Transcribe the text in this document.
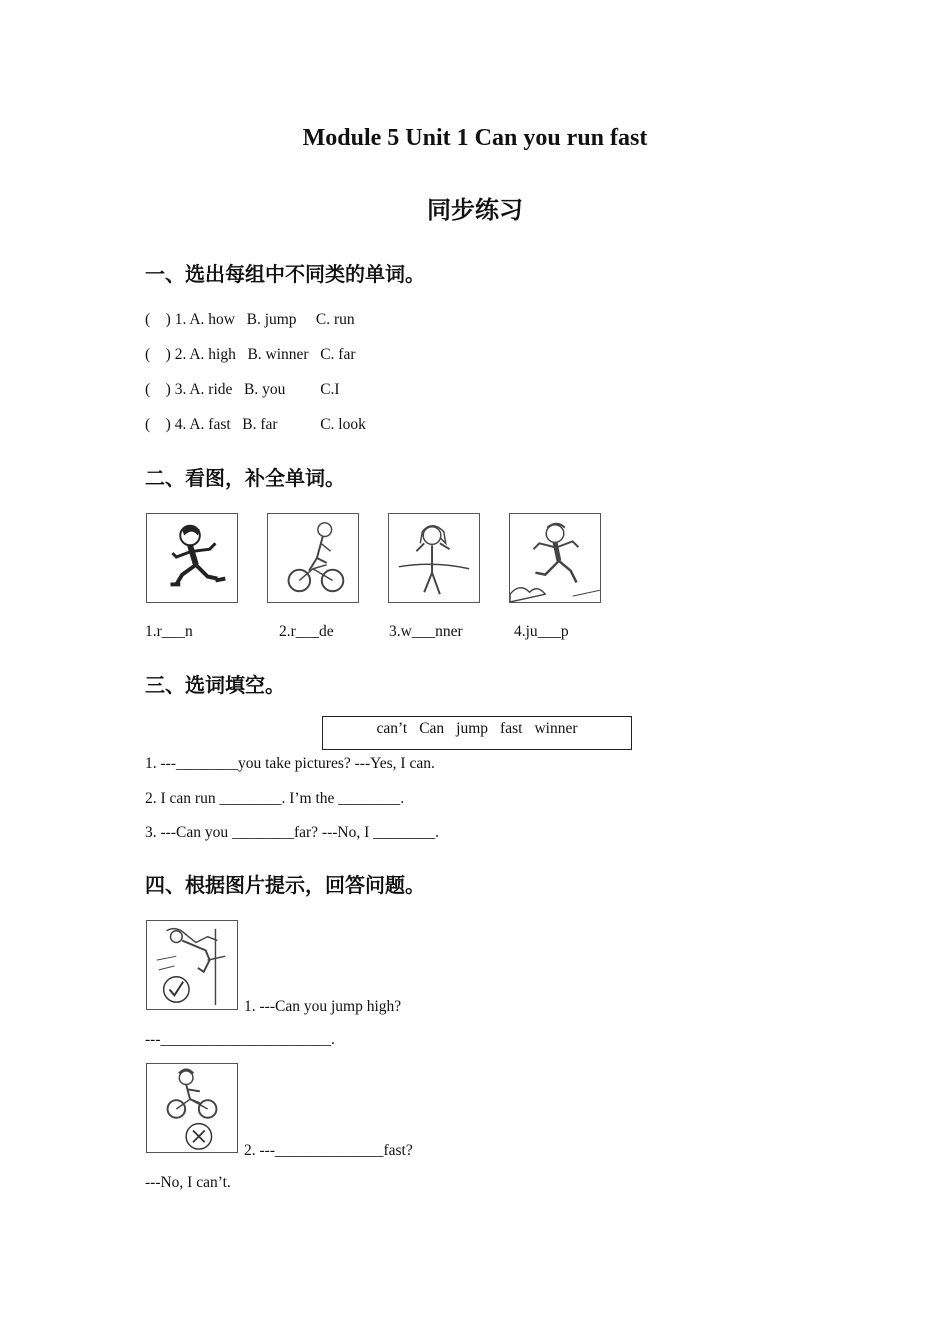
Module 5 Unit 1 Can you run fast
同步练习
一、选出每组中不同类的单词。
(    ) 1. A. how   B. jump     C. run
(    ) 2. A. high   B. winner   C. far
(    ) 3. A. ride   B. you         C.I
(    ) 4. A. fast   B. far           C. look
二、看图，补全单词。
1.r___n	2.r___de	3.w___nner	4.ju___p
三、选词填空。
can’t Can jump fast winner
1. ---________you take pictures? ---Yes, I can.
2. I can run ________. I’m the ________.
3. ---Can you ________far? ---No, I ________.
四、根据图片提示，回答问题。
1. ---Can you jump high?
---______________________.
2. ---______________fast?
---No, I can’t.
